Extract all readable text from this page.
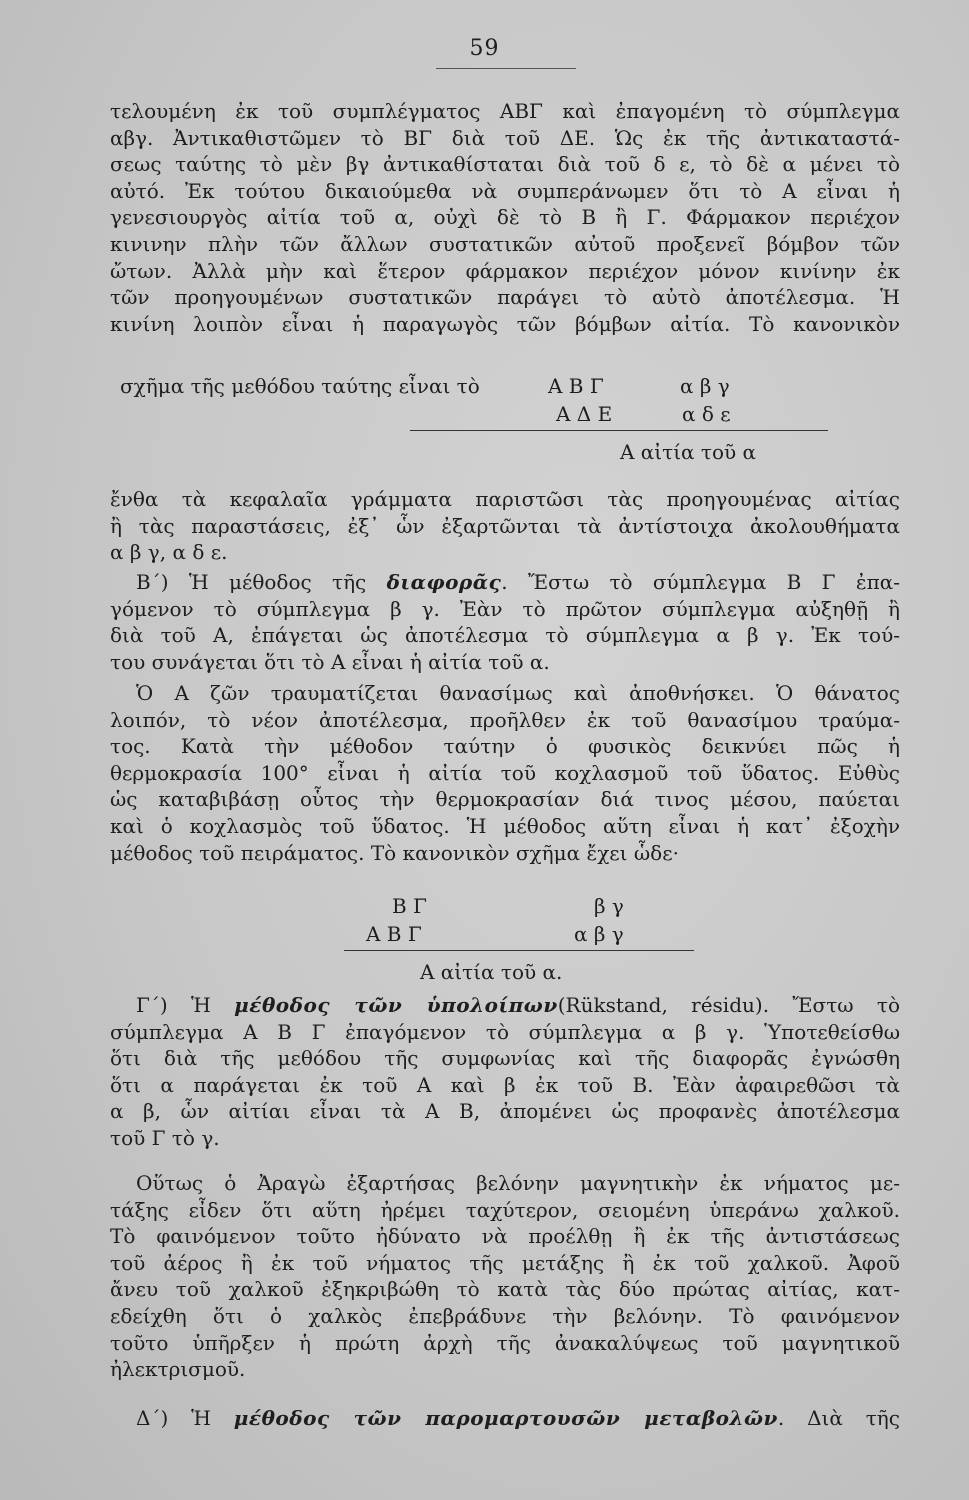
59
τελουμένη ἐκ τοῦ συμπλέγματος ΑΒΓ καὶ ἐπαγομένη τὸ σύμπλεγμα
αβγ. Ἀντικαθιστῶμεν τὸ ΒΓ διὰ τοῦ ΔΕ. Ὡς ἐκ τῆς ἀντικαταστά-
σεως ταύτης τὸ μὲν βγ ἀντικαθίσταται διὰ τοῦ δ ε, τὸ δὲ α μένει τὸ
αὐτό. Ἐκ τούτου δικαιούμεθα νὰ συμπεράνωμεν ὅτι τὸ Α εἶναι ἡ
γενεσιουργὸς αἰτία τοῦ α, οὐχὶ δὲ τὸ Β ἢ Γ. Φάρμακον περιέχον
κινινην πλὴν τῶν ἄλλων συστατικῶν αὐτοῦ προξενεῖ βόμβον τῶν
ὤτων. Ἀλλὰ μὴν καὶ ἕτερον φάρμακον περιέχον μόνον κινίνην ἐκ
τῶν προηγουμένων συστατικῶν παράγει τὸ αὐτὸ ἀποτέλεσμα. Ἡ
κινίνη λοιπὸν εἶναι ἡ παραγωγὸς τῶν βόμβων αἰτία. Τὸ κανονικὸν
σχῆμα τῆς μεθόδου ταύτης εἶναι τὸ	Α Β Γ	α β γ
Α Δ Ε	α δ ε
Α αἰτία τοῦ α
ἔνθα τὰ κεφαλαῖα γράμματα παριστῶσι τὰς προηγουμένας αἰτίας
ἢ τὰς παραστάσεις, ἐξ᾽ ὧν ἐξαρτῶνται τὰ ἀντίστοιχα ἀκολουθήματα
α β γ, α δ ε.
Β´) Ἡ μέθοδος τῆς διαφορᾶς. Ἔστω τὸ σύμπλεγμα Β Γ ἐπα-
γόμενον τὸ σύμπλεγμα β γ. Ἐὰν τὸ πρῶτον σύμπλεγμα αὐξηθῇ ἢ
διὰ τοῦ Α, ἐπάγεται ὡς ἀποτέλεσμα τὸ σύμπλεγμα α β γ. Ἐκ τού-
του συνάγεται ὅτι τὸ Α εἶναι ἡ αἰτία τοῦ α.
Ὁ Α ζῶν τραυματίζεται θανασίμως καὶ ἀποθνήσκει. Ὁ θάνατος
λοιπόν, τὸ νέον ἀποτέλεσμα, προῆλθεν ἐκ τοῦ θανασίμου τραύμα-
τος. Κατὰ τὴν μέθοδον ταύτην ὁ φυσικὸς δεικνύει πῶς ἡ
θερμοκρασία 100° εἶναι ἡ αἰτία τοῦ κοχλασμοῦ τοῦ ὕδατος. Εὐθὺς
ὡς καταβιβάσῃ οὗτος τὴν θερμοκρασίαν διά τινος μέσου, παύεται
καὶ ὁ κοχλασμὸς τοῦ ὕδατος. Ἡ μέθοδος αὕτη εἶναι ἡ κατ᾽ ἐξοχὴν
μέθοδος τοῦ πειράματος. Τὸ κανονικὸν σχῆμα ἔχει ὧδε·
Β Γ	β γ
Α Β Γ	α β γ
Α αἰτία τοῦ α.
Γ´) Ἡ μέθοδος τῶν ὑπολοίπων(Rükstand, résidu). Ἔστω τὸ
σύμπλεγμα Α Β Γ ἐπαγόμενον τὸ σύμπλεγμα α β γ. Ὑποτεθείσθω
ὅτι διὰ τῆς μεθόδου τῆς συμφωνίας καὶ τῆς διαφορᾶς ἐγνώσθη
ὅτι α παράγεται ἐκ τοῦ Α καὶ β ἐκ τοῦ Β. Ἐὰν ἀφαιρεθῶσι τὰ
α β, ὧν αἰτίαι εἶναι τὰ Α Β, ἀπομένει ὡς προφανὲς ἀποτέλεσμα
τοῦ Γ τὸ γ.
Οὕτως ὁ Ἀραγὼ ἐξαρτήσας βελόνην μαγνητικὴν ἐκ νήματος με-
τάξης εἶδεν ὅτι αὕτη ἠρέμει ταχύτερον, σειομένη ὑπεράνω χαλκοῦ.
Τὸ φαινόμενον τοῦτο ἠδύνατο νὰ προέλθῃ ἢ ἐκ τῆς ἀντιστάσεως
τοῦ ἀέρος ἢ ἐκ τοῦ νήματος τῆς μετάξης ἢ ἐκ τοῦ χαλκοῦ. Ἀφοῦ
ἄνευ τοῦ χαλκοῦ ἐξηκριβώθη τὸ κατὰ τὰς δύο πρώτας αἰτίας, κατ-
εδείχθη ὅτι ὁ χαλκὸς ἐπεβράδυνε τὴν βελόνην. Τὸ φαινόμενον
τοῦτο ὑπῆρξεν ἡ πρώτη ἀρχὴ τῆς ἀνακαλύψεως τοῦ μαγνητικοῦ
ἠλεκτρισμοῦ.
Δ´) Ἡ μέθοδος τῶν παρομαρτουσῶν μεταβολῶν. Διὰ τῆς
